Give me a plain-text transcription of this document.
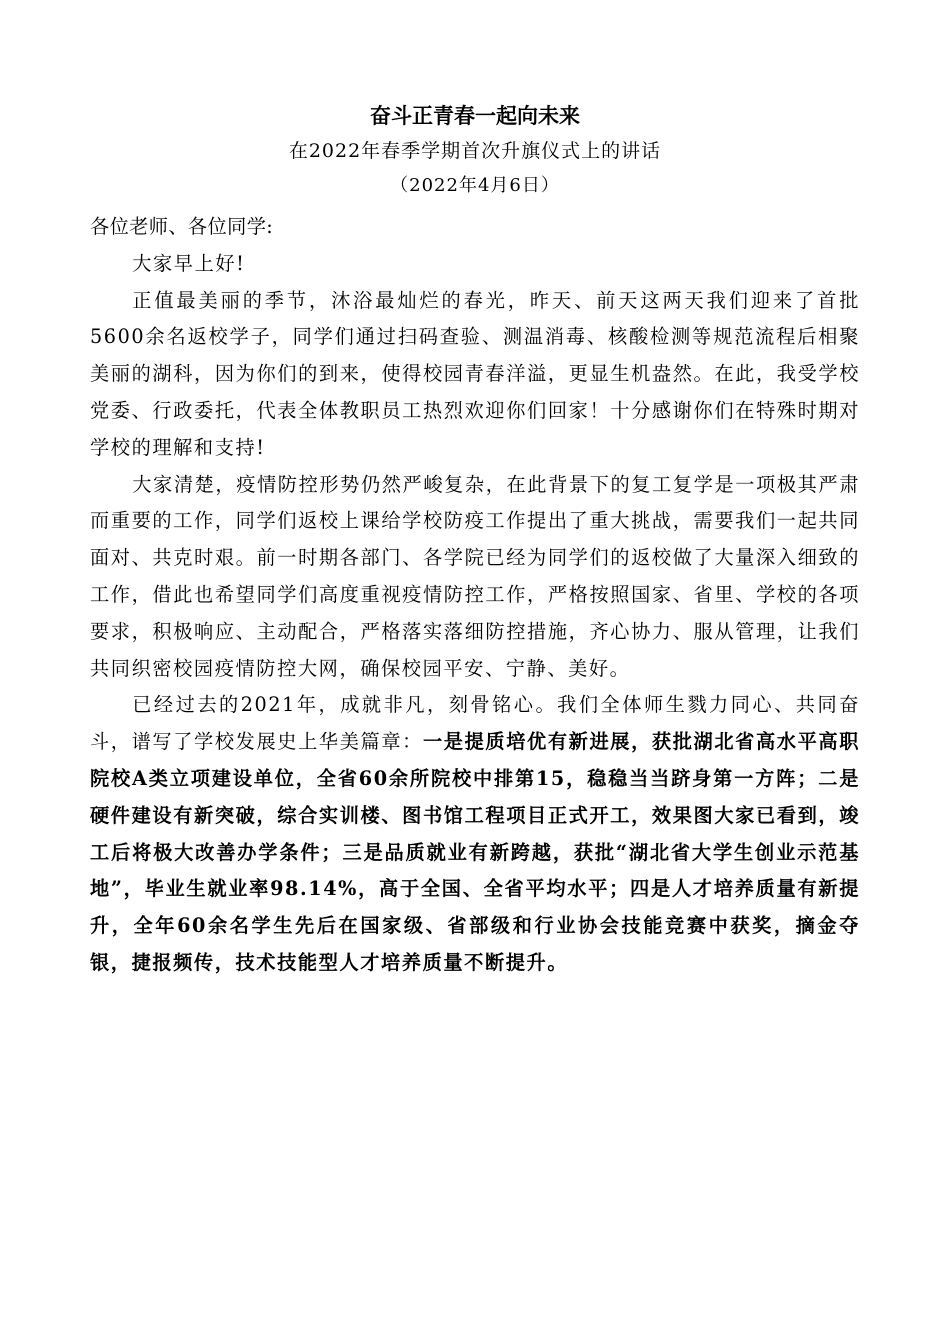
奋斗正青春一起向未来
在2022年春季学期首次升旗仪式上的讲话
（2022年4月6日）

各位老师、各位同学:

大家早上好!

正值最美丽的季节，沐浴最灿烂的春光，昨天、前天这两天我们迎来了首批5600余名返校学子，同学们通过扫码查验、测温消毒、核酸检测等规范流程后相聚美丽的湖科，因为你们的到来，使得校园青春洋溢，更显生机盎然。在此，我受学校党委、行政委托，代表全体教职员工热烈欢迎你们回家！十分感谢你们在特殊时期对学校的理解和支持!

大家清楚，疫情防控形势仍然严峻复杂，在此背景下的复工复学是一项极其严肃而重要的工作，同学们返校上课给学校防疫工作提出了重大挑战，需要我们一起共同面对、共克时艰。前一时期各部门、各学院已经为同学们的返校做了大量深入细致的工作，借此也希望同学们高度重视疫情防控工作，严格按照国家、省里、学校的各项要求，积极响应、主动配合，严格落实落细防控措施，齐心协力、服从管理，让我们共同织密校园疫情防控大网，确保校园平安、宁静、美好。

已经过去的2021年，成就非凡，刻骨铭心。我们全体师生戮力同心、共同奋斗，谱写了学校发展史上华美篇章：一是提质培优有新进展，获批湖北省高水平高职院校A类立项建设单位，全省60余所院校中排第15，稳稳当当跻身第一方阵；二是硬件建设有新突破，综合实训楼、图书馆工程项目正式开工，效果图大家已看到，竣工后将极大改善办学条件；三是品质就业有新跨越，获批“湖北省大学生创业示范基地”，毕业生就业率98.14%，高于全国、全省平均水平；四是人才培养质量有新提升，全年60余名学生先后在国家级、省部级和行业协会技能竞赛中获奖，摘金夺银，捷报频传，技术技能型人才培养质量不断提升。
